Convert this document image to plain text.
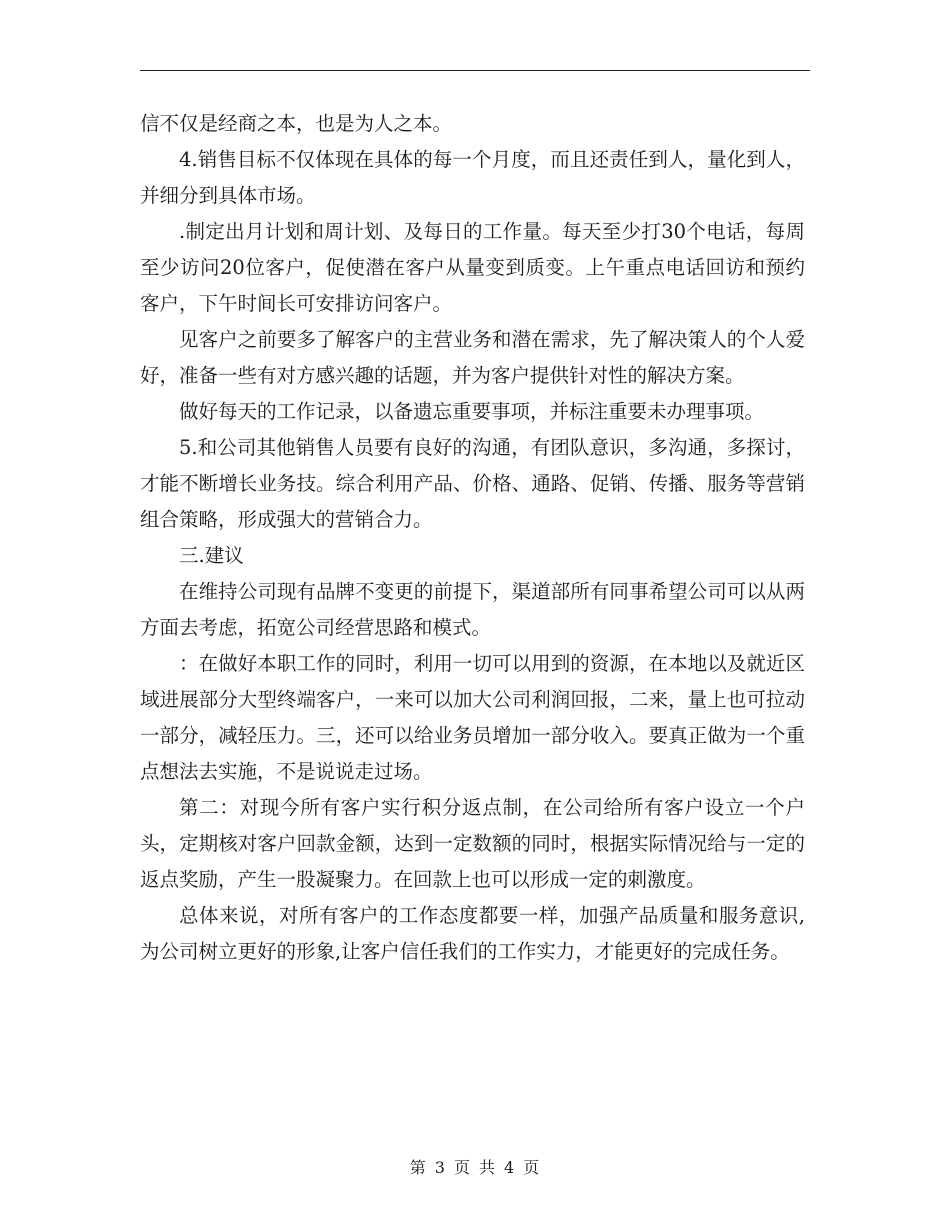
信不仅是经商之本，也是为人之本。

4.销售目标不仅体现在具体的每一个月度，而且还责任到人，量化到人，并细分到具体市场。

.制定出月计划和周计划、及每日的工作量。每天至少打30个电话，每周至少访问20位客户，促使潜在客户从量变到质变。上午重点电话回访和预约客户，下午时间长可安排访问客户。

见客户之前要多了解客户的主营业务和潜在需求，先了解决策人的个人爱好，准备一些有对方感兴趣的话题，并为客户提供针对性的解决方案。

做好每天的工作记录，以备遗忘重要事项，并标注重要未办理事项。

5.和公司其他销售人员要有良好的沟通，有团队意识，多沟通，多探讨，才能不断增长业务技。综合利用产品、价格、通路、促销、传播、服务等营销组合策略，形成强大的营销合力。

三.建议

在维持公司现有品牌不变更的前提下，渠道部所有同事希望公司可以从两方面去考虑，拓宽公司经营思路和模式。

：在做好本职工作的同时，利用一切可以用到的资源，在本地以及就近区域进展部分大型终端客户，一来可以加大公司利润回报，二来，量上也可拉动一部分，减轻压力。三，还可以给业务员增加一部分收入。要真正做为一个重点想法去实施，不是说说走过场。

第二：对现今所有客户实行积分返点制，在公司给所有客户设立一个户头，定期核对客户回款金额，达到一定数额的同时，根据实际情况给与一定的返点奖励，产生一股凝聚力。在回款上也可以形成一定的刺激度。

总体来说，对所有客户的工作态度都要一样，加强产品质量和服务意识,为公司树立更好的形象,让客户信任我们的工作实力，才能更好的完成任务。

第 3 页 共 4 页
